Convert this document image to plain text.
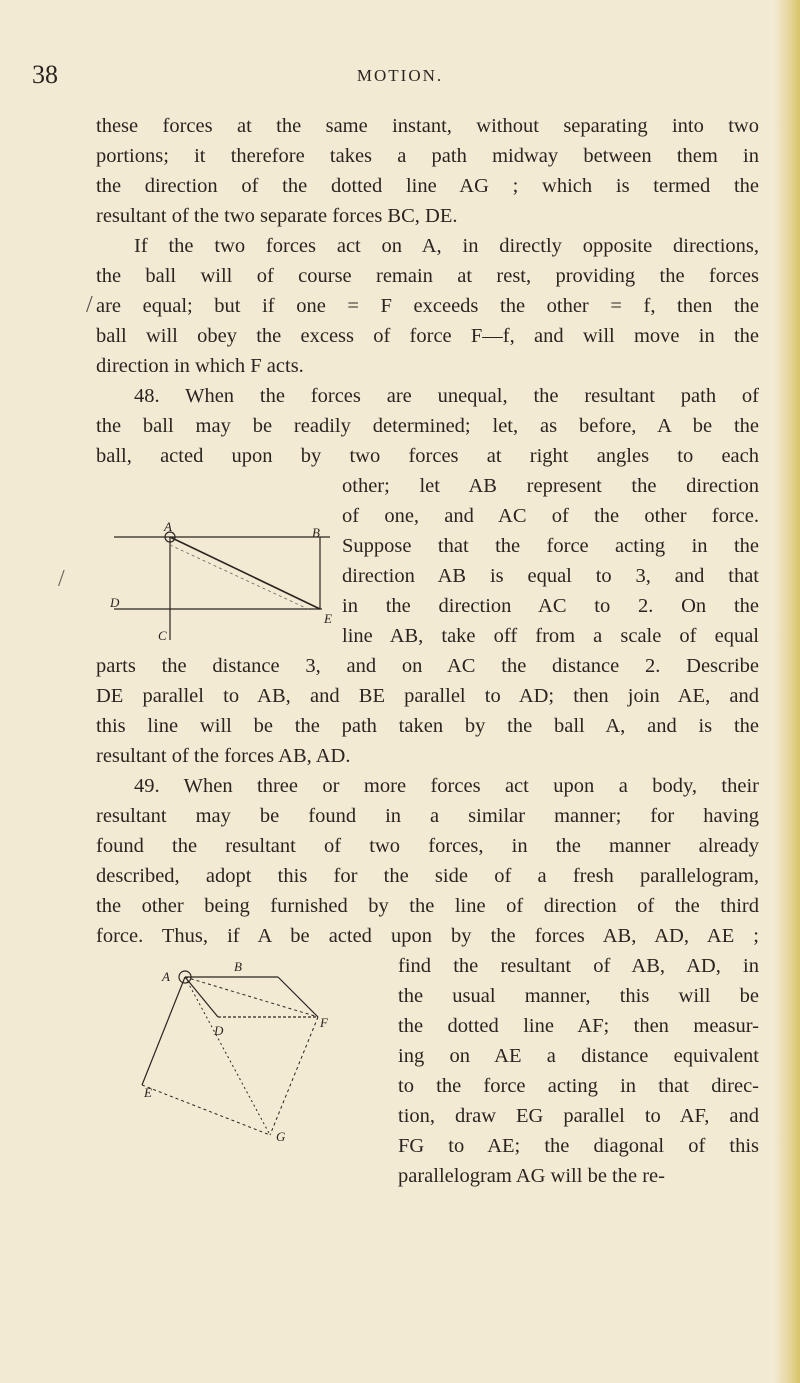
38	MOTION.
/
/
these forces at the same instant, without separating into two
portions; it therefore takes a path midway between them in
the direction of the dotted line AG ; which is termed the
resultant of the two separate forces BC, DE.
If the two forces act on A, in directly opposite directions,
the ball will of course remain at rest, providing the forces
are equal; but if one = F exceeds the other = f, then the
ball will obey the excess of force F—f, and will move in the
direction in which F acts.
48. When the forces are unequal, the resultant path of
the ball may be readily determined; let, as before, A be the
ball, acted upon by two forces at right angles to each
other; let AB represent the direction
of one, and AC of the other force.
Suppose that the force acting in the
direction AB is equal to 3, and that
in the direction AC to 2. On the
line AB, take off from a scale of equal
parts the distance 3, and on AC the distance 2. Describe
DE parallel to AB, and BE parallel to AD; then join AE, and
this line will be the path taken by the ball A, and is the
resultant of the forces AB, AD.
49. When three or more forces act upon a body, their
resultant may be found in a similar manner; for having
found the resultant of two forces, in the manner already
described, adopt this for the side of a fresh parallelogram,
the other being furnished by the line of direction of the third
force. Thus, if A be acted upon by the forces AB, AD, AE ;
find the resultant of AB, AD, in
the usual manner, this will be
the dotted line AF; then measur-
ing on AE a distance equivalent
to the force acting in that direc-
tion, draw EG parallel to AF, and
FG to AE; the diagonal of this
parallelogram AG will be the re-
A	B
D
E
C
A
B
D
F
E
G
